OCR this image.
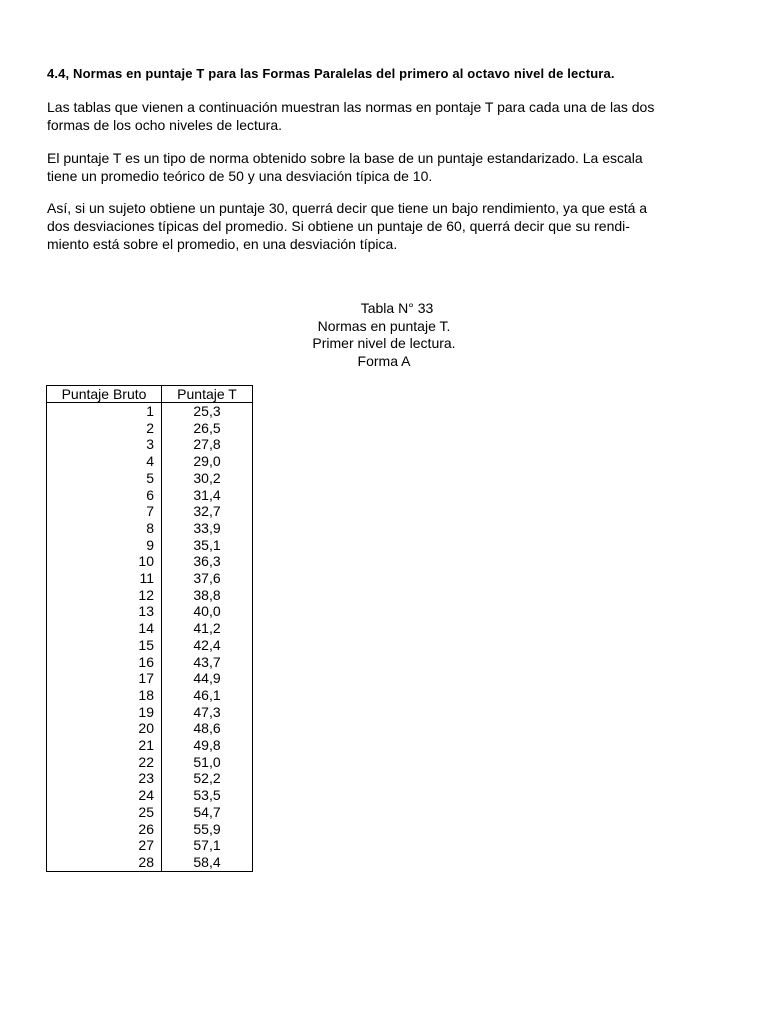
4.4, Normas en puntaje T para las Formas Paralelas del primero al octavo nivel de lectura.

Las tablas que vienen a continuación muestran las normas en pontaje T para cada una de las dos
formas de los ocho niveles de lectura.

El puntaje T es un tipo de norma obtenido sobre la base de un puntaje estandarizado. La escala
tiene un promedio teórico de 50 y una desviación típica de 10.

Así, si un sujeto obtiene un puntaje 30, querrá decir que tiene un bajo rendimiento, ya que está a
dos desviaciones típicas del promedio. Si obtiene un puntaje de 60, querrá decir que su rendi-
miento está sobre el promedio, en una desviación típica.

Tabla N° 33
Normas en puntaje T.
Primer nivel de lectura.
Forma A
Puntaje Bruto	Puntaje T
1	25,3
2	26,5
3	27,8
4	29,0
5	30,2
6	31,4
7	32,7
8	33,9
9	35,1
10	36,3
11	37,6
12	38,8
13	40,0
14	41,2
15	42,4
16	43,7
17	44,9
18	46,1
19	47,3
20	48,6
21	49,8
22	51,0
23	52,2
24	53,5
25	54,7
26	55,9
27	57,1
28	58,4
